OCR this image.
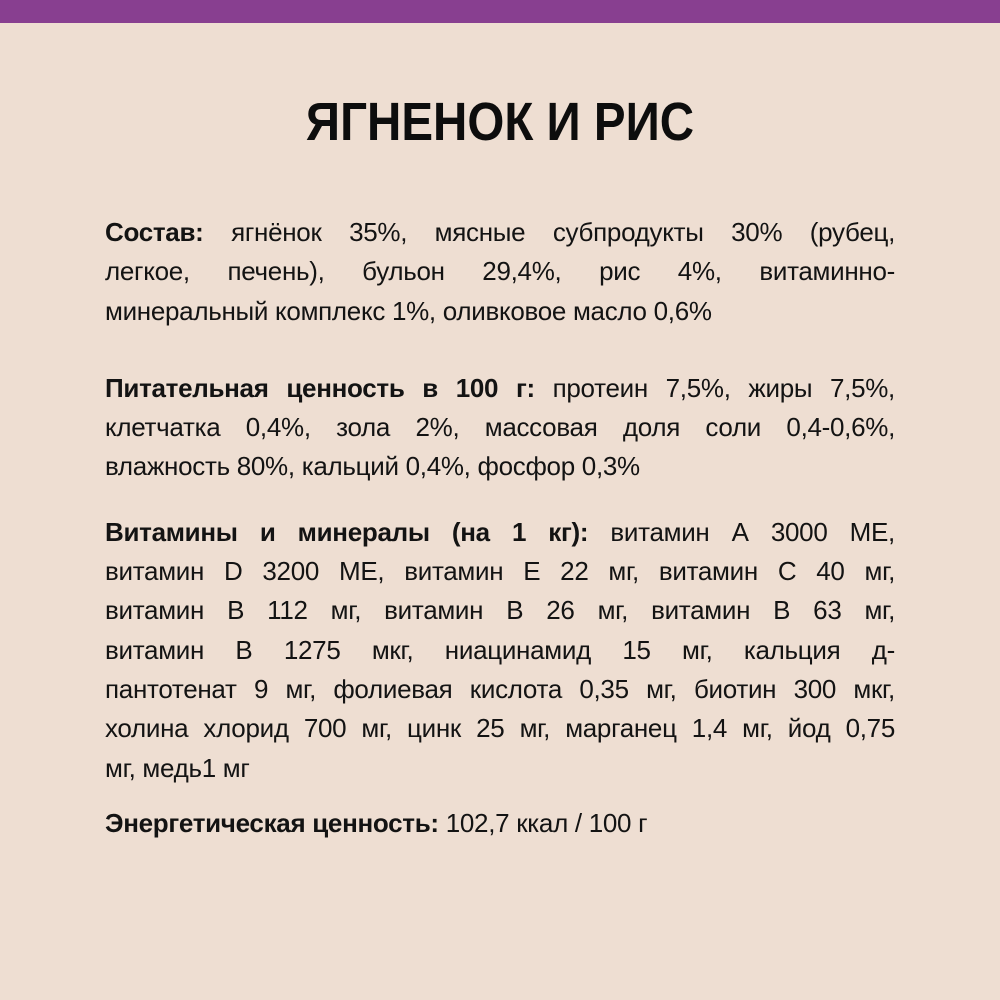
ЯГНЕНОК И РИС
Состав: ягнёнок 35%, мясные субпродукты 30% (рубец,
легкое, печень), бульон 29,4%, рис 4%, витаминно-
минеральный комплекс 1%, оливковое масло 0,6%
Питательная ценность в 100 г: протеин 7,5%, жиры 7,5%,
клетчатка 0,4%, зола 2%, массовая доля соли 0,4-0,6%,
влажность 80%, кальций 0,4%, фосфор 0,3%
Витамины и минералы (на 1 кг): витамин А 3000 МЕ,
витамин D 3200 МЕ, витамин Е 22 мг, витамин С 40 мг,
витамин В 112 мг, витамин В 26 мг, витамин В 63 мг,
витамин В 1275 мкг, ниацинамид 15 мг, кальция д-
пантотенат 9 мг, фолиевая кислота 0,35 мг, биотин 300 мкг,
холина хлорид 700 мг, цинк 25 мг, марганец 1,4 мг, йод 0,75
мг, медь1 мг
Энергетическая ценность: 102,7 ккал / 100 г
